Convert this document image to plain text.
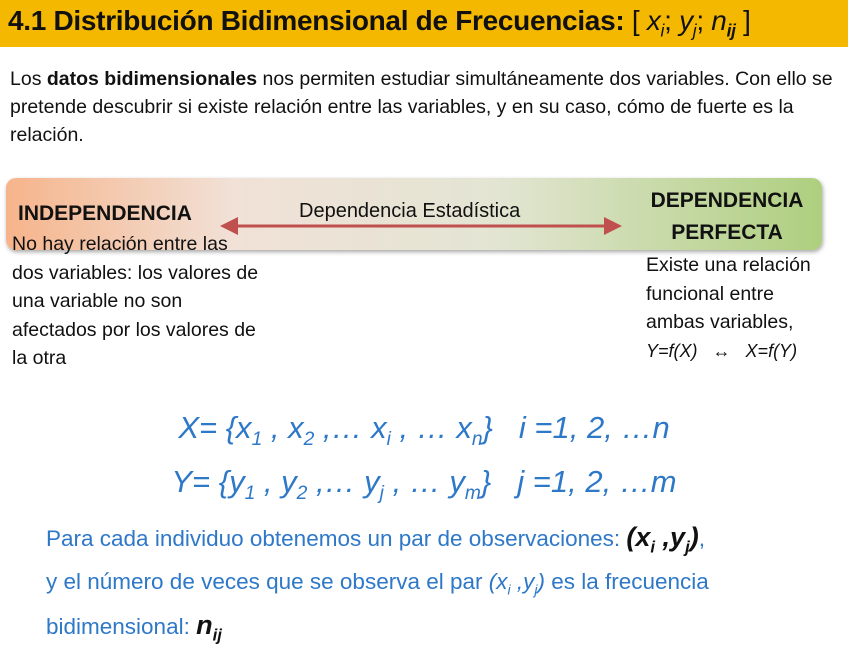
4.1 Distribución Bidimensional de Frecuencias: [ $x_i$; $y_j$; $n_{ij}$ ]
Los datos bidimensionales nos permiten estudiar simultáneamente dos variables. Con ello se pretende descubrir si existe relación entre las variables, y en su caso, cómo de fuerte es la relación.
INDEPENDENCIA	Dependencia Estadística	DEPENDENCIA
PERFECTA
No hay relación entre las dos variables: los valores de una variable no son afectados por los valores de la otra
Existe una relación funcional entre ambas variables,
Y=f(X) ↔ X=f(Y)
$X= \{x_1$ , $x_2$ ,… $x_i$ , … $x_n$} i =1, 2, …n
$Y= \{y_1$ , $y_2$ ,… $y_j$ , … $y_m$} j =1, 2, …m
Para cada individuo obtenemos un par de observaciones: ($x_i$ $,y_j$),
y el número de veces que se observa el par ($x_i$ $,y_j$) es la frecuencia bidimensional: $n_{ij}$
